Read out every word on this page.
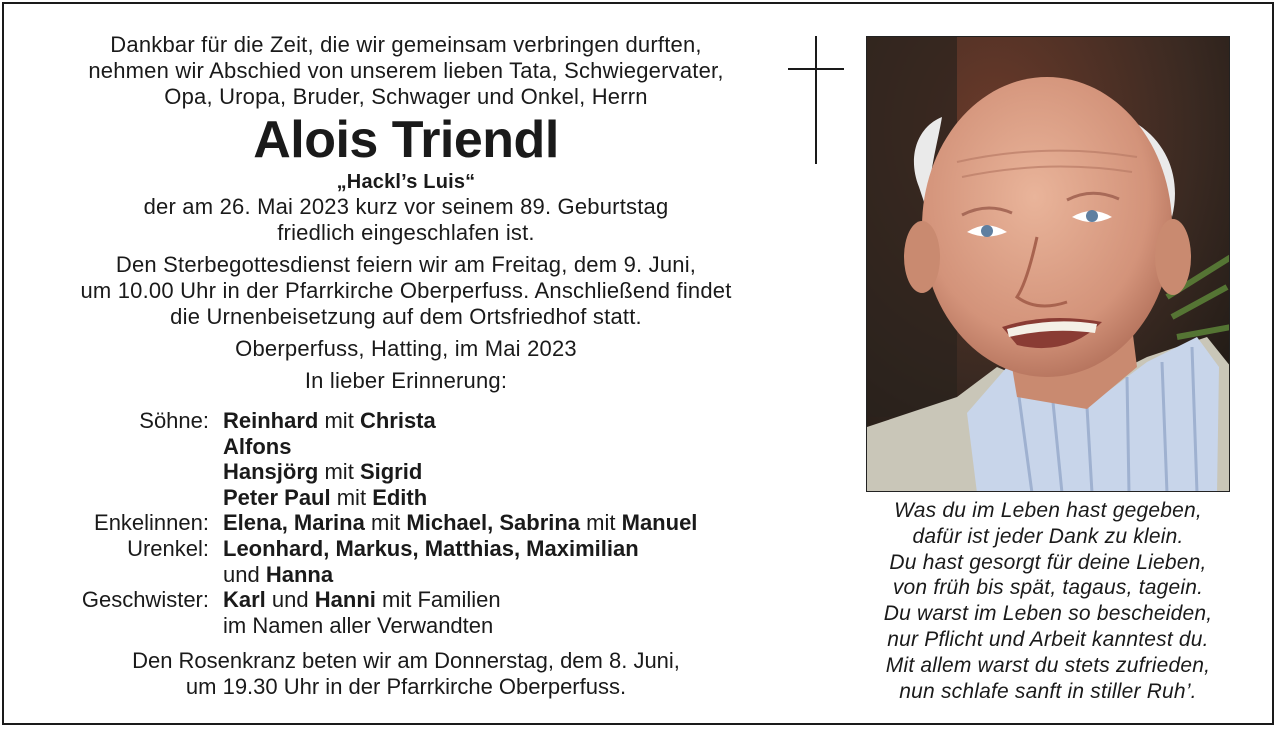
Dankbar für die Zeit, die wir gemeinsam verbringen durften,

nehmen wir Abschied von unserem lieben Tata, Schwiegervater,

Opa, Uropa, Bruder, Schwager und Onkel, Herrn

Alois Triendl

„Hackl’s Luis“

der am 26. Mai 2023 kurz vor seinem 89. Geburtstag

friedlich eingeschlafen ist.

Den Sterbegottesdienst feiern wir am Freitag, dem 9. Juni,

um 10.00 Uhr in der Pfarrkirche Oberperfuss. Anschließend findet

die Urnenbeisetzung auf dem Ortsfriedhof statt.

Oberperfuss, Hatting, im Mai 2023

In lieber Erinnerung:

Söhne: Reinhard mit Christa
Alfons
Hansjörg mit Sigrid
Peter Paul mit Edith
Enkelinnen: Elena, Marina mit Michael, Sabrina mit Manuel
Urenkel: Leonhard, Markus, Matthias, Maximilian
und Hanna
Geschwister: Karl und Hanni mit Familien
im Namen aller Verwandten

Den Rosenkranz beten wir am Donnerstag, dem 8. Juni,

um 19.30 Uhr in der Pfarrkirche Oberperfuss.

Was du im Leben hast gegeben,

dafür ist jeder Dank zu klein.

Du hast gesorgt für deine Lieben,

von früh bis spät, tagaus, tagein.

Du warst im Leben so bescheiden,

nur Pflicht und Arbeit kanntest du.

Mit allem warst du stets zufrieden,

nun schlafe sanft in stiller Ruh’.
